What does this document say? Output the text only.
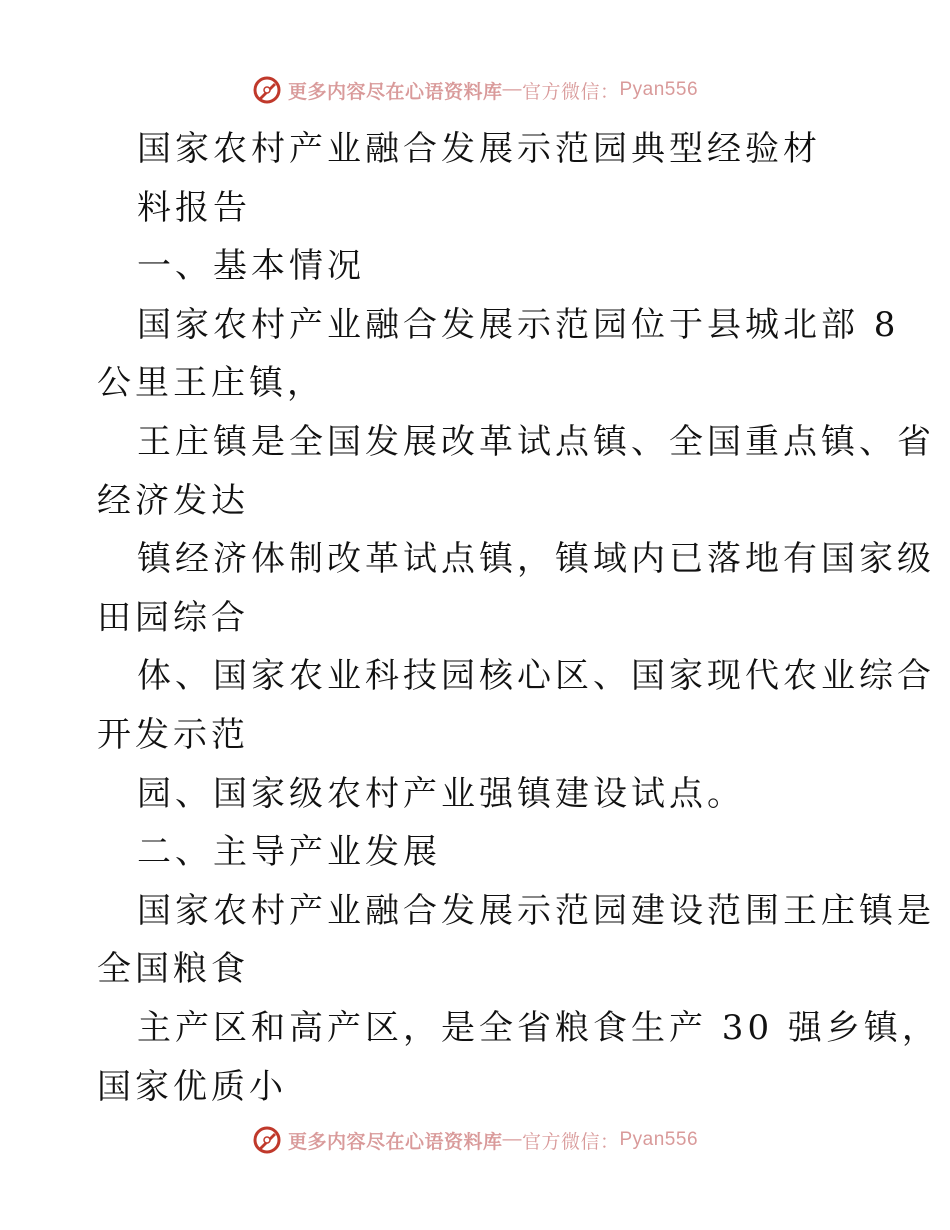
更多内容尽在心语资料库 — 官方微信： Pyan556
国家农村产业融合发展示范园典型经验材
料报告
一、基本情况
国家农村产业融合发展示范园位于县城北部 8
公里王庄镇，
王庄镇是全国发展改革试点镇、全国重点镇、省
经济发达
镇经济体制改革试点镇，镇域内已落地有国家级
田园综合
体、国家农业科技园核心区、国家现代农业综合
开发示范
园、国家级农村产业强镇建设试点。
二、主导产业发展
国家农村产业融合发展示范园建设范围王庄镇是
全国粮食
主产区和高产区，是全省粮食生产 30 强乡镇，
国家优质小
更多内容尽在心语资料库 — 官方微信： Pyan556
